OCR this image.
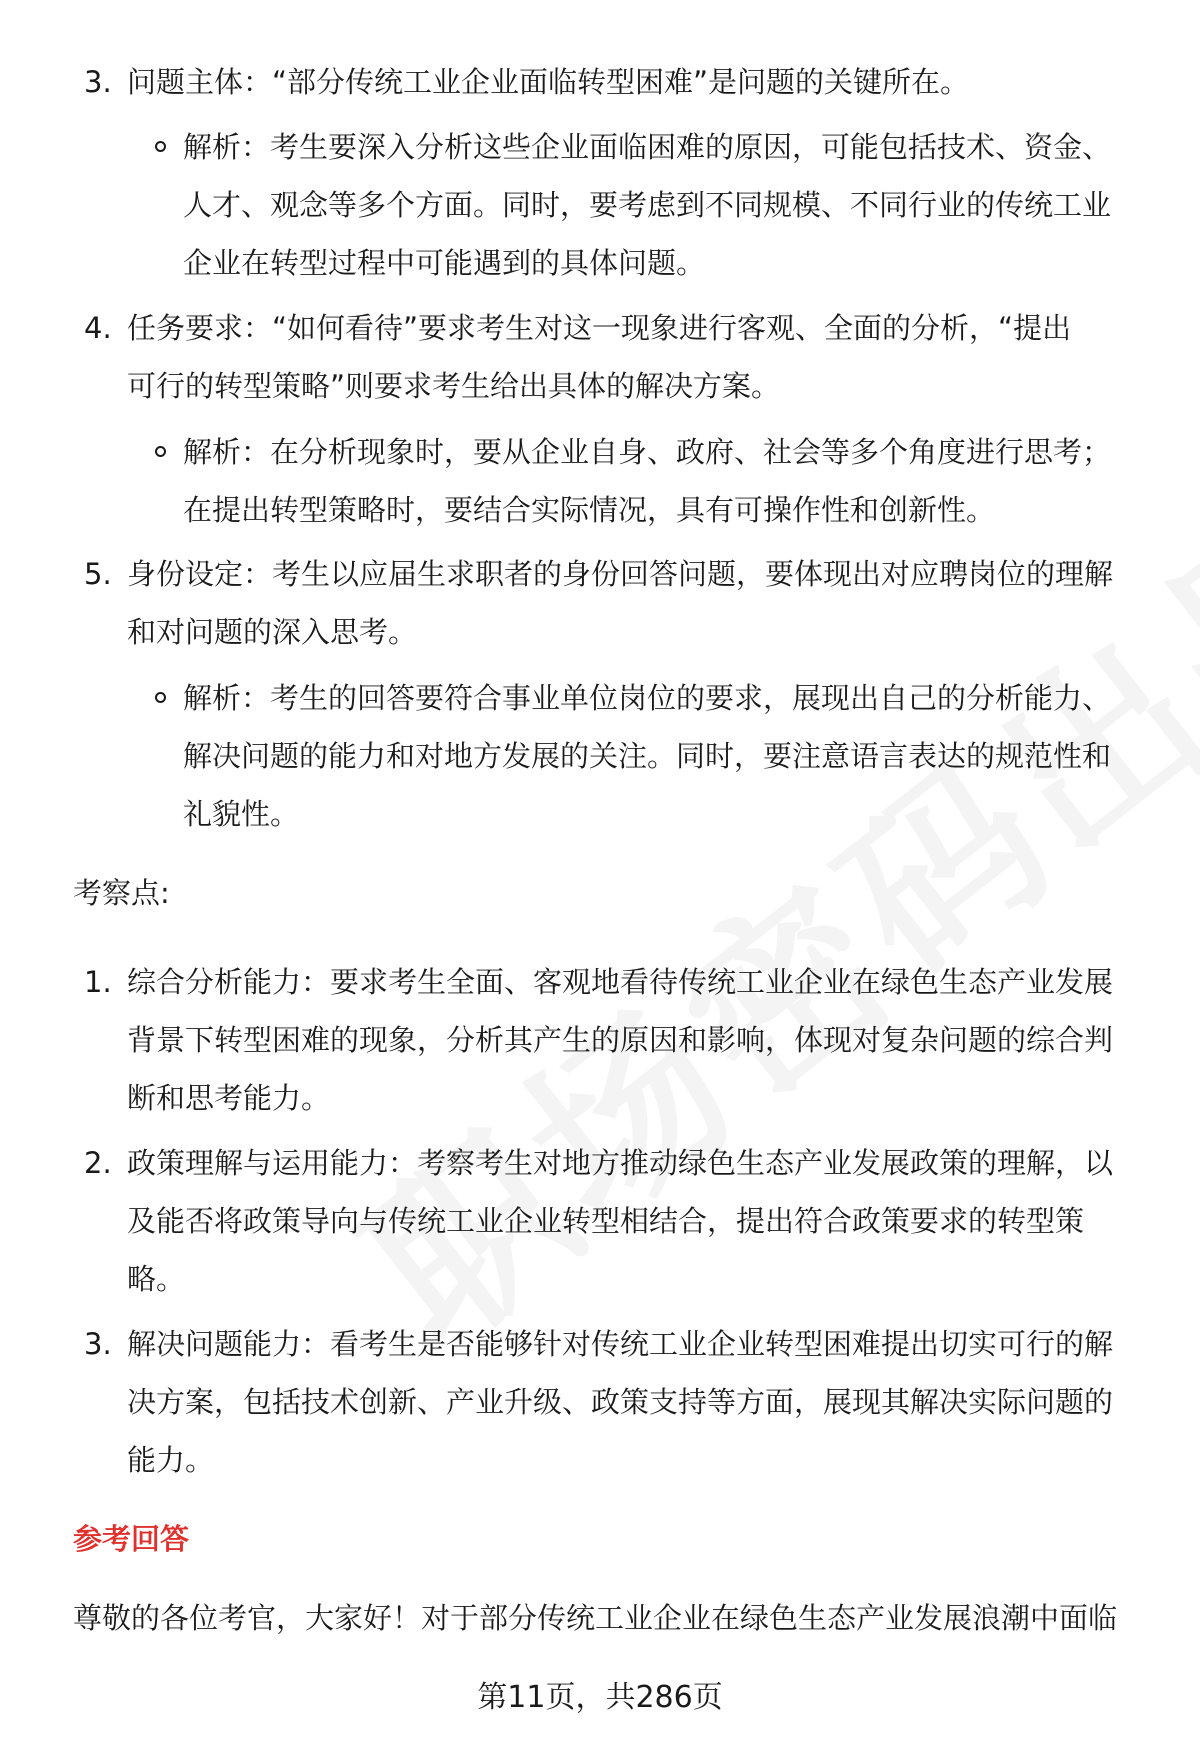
3. 问题主体：“部分传统工业企业面临转型困难”是问题的关键所在。
解析：考生要深入分析这些企业面临困难的原因，可能包括技术、资金、
人才、观念等多个方面。同时，要考虑到不同规模、不同行业的传统工业
企业在转型过程中可能遇到的具体问题。
4. 任务要求：“如何看待”要求考生对这一现象进行客观、全面的分析，“提出
可行的转型策略”则要求考生给出具体的解决方案。
解析：在分析现象时，要从企业自身、政府、社会等多个角度进行思考；
在提出转型策略时，要结合实际情况，具有可操作性和创新性。
5. 身份设定：考生以应届生求职者的身份回答问题，要体现出对应聘岗位的理解
和对问题的深入思考。
解析：考生的回答要符合事业单位岗位的要求，展现出自己的分析能力、
解决问题的能力和对地方发展的关注。同时，要注意语言表达的规范性和
礼貌性。
考察点:
1. 综合分析能力：要求考生全面、客观地看待传统工业企业在绿色生态产业发展
背景下转型困难的现象，分析其产生的原因和影响，体现对复杂问题的综合判
断和思考能力。
2. 政策理解与运用能力：考察考生对地方推动绿色生态产业发展政策的理解，以
及能否将政策导向与传统工业企业转型相结合，提出符合政策要求的转型策
略。
3. 解决问题能力：看考生是否能够针对传统工业企业转型困难提出切实可行的解
决方案，包括技术创新、产业升级、政策支持等方面，展现其解决实际问题的
能力。
参考回答
尊敬的各位考官，大家好！对于部分传统工业企业在绿色生态产业发展浪潮中面临
第11页，共286页
